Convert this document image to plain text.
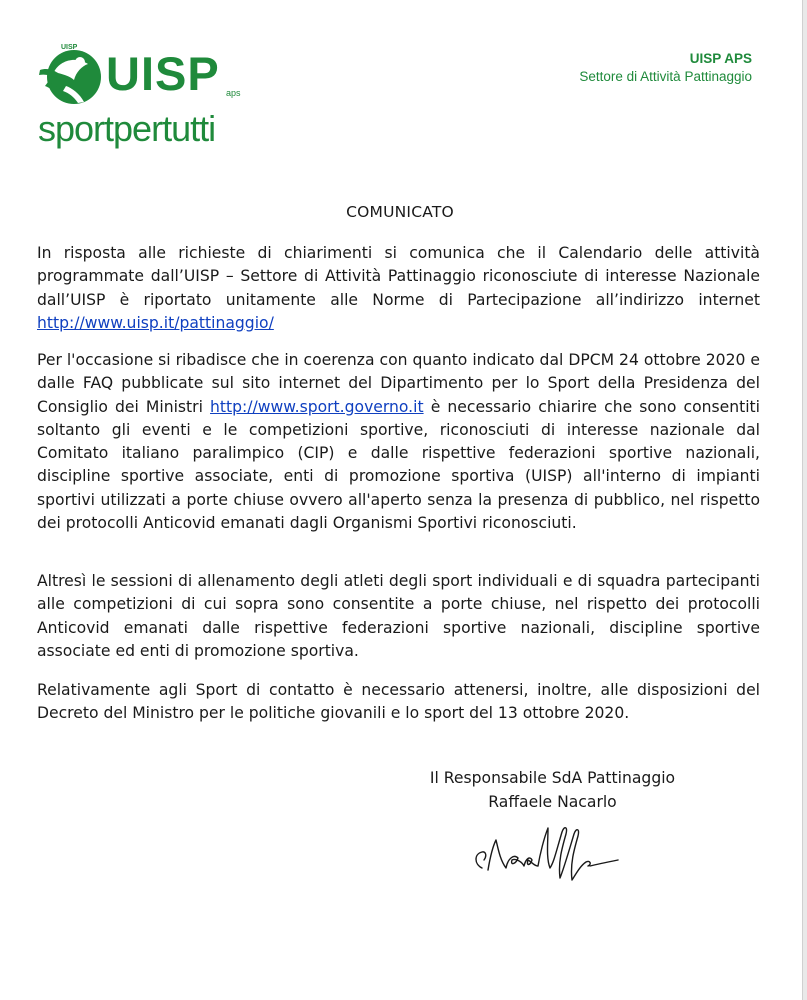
UISP UISP aps
sportpertutti
UISP APS
Settore di Attività Pattinaggio
COMUNICATO

In risposta alle richieste di chiarimenti si comunica che il Calendario delle attività programmate dall’UISP – Settore di Attività Pattinaggio riconosciute di interesse Nazionale dall’UISP è riportato unitamente alle Norme di Partecipazione all’indirizzo internet http://www.uisp.it/pattinaggio/

Per l'occasione si ribadisce che in coerenza con quanto indicato dal DPCM 24 ottobre 2020 e dalle FAQ pubblicate sul sito internet del Dipartimento per lo Sport della Presidenza del Consiglio dei Ministri http://www.sport.governo.it è necessario chiarire che sono consentiti soltanto gli eventi e le competizioni sportive, riconosciuti di interesse nazionale dal Comitato italiano paralimpico (CIP) e dalle rispettive federazioni sportive nazionali, discipline sportive associate, enti di promozione sportiva (UISP) all'interno di impianti sportivi utilizzati a porte chiuse ovvero all'aperto senza la presenza di pubblico, nel rispetto dei protocolli Anticovid emanati dagli Organismi Sportivi riconosciuti.

Altresì le sessioni di allenamento degli atleti degli sport individuali e di squadra partecipanti alle competizioni di cui sopra sono consentite a porte chiuse, nel rispetto dei protocolli Anticovid emanati dalle rispettive federazioni sportive nazionali, discipline sportive associate ed enti di promozione sportiva.

Relativamente agli Sport di contatto è necessario attenersi, inoltre, alle disposizioni del Decreto del Ministro per le politiche giovanili e lo sport del 13 ottobre 2020.

Il Responsabile SdA Pattinaggio
Raffaele Nacarlo
